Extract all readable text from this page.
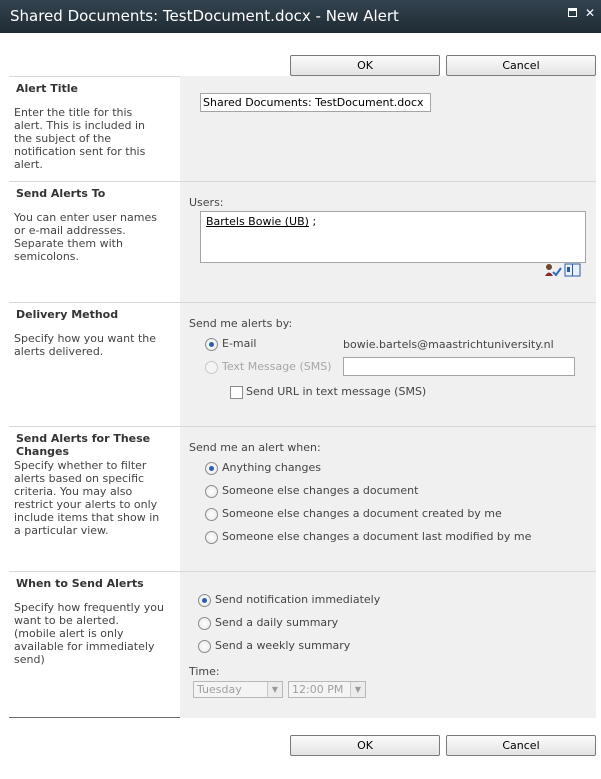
Shared Documents: TestDocument.docx - New Alert	✕
OK	Cancel
Alert Title
Enter the title for this alert. This is included in the subject of the notification sent for this alert.
Shared Documents: TestDocument.docx
Send Alerts To
You can enter user names or e-mail addresses. Separate them with semicolons.
Users:
Bartels Bowie (UB) ;
Delivery Method
Specify how you want the alerts delivered.
Send me alerts by:
E-mail	bowie.bartels@maastrichtuniversity.nl
Text Message (SMS)
Send URL in text message (SMS)
Send Alerts for These Changes
Specify whether to filter alerts based on specific criteria. You may also restrict your alerts to only include items that show in a particular view.
Send me an alert when:
Anything changes
Someone else changes a document
Someone else changes a document created by me
Someone else changes a document last modified by me
When to Send Alerts
Specify how frequently you want to be alerted. (mobile alert is only available for immediately send)
Send notification immediately
Send a daily summary
Send a weekly summary
Time:
Tuesday	▼	12:00 PM	▼
OK	Cancel
